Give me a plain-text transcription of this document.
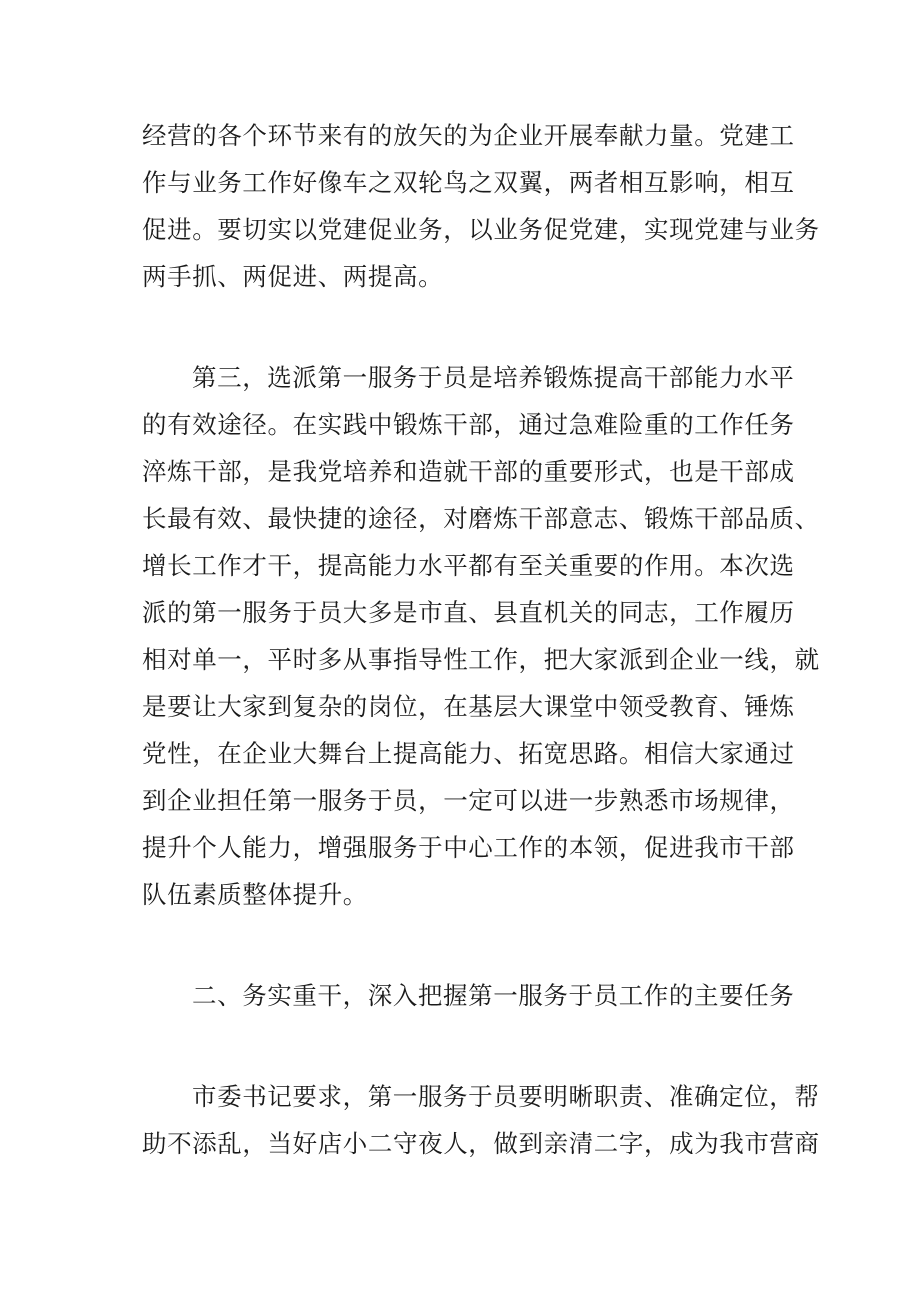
经营的各个环节来有的放矢的为企业开展奉献力量。党建工
作与业务工作好像车之双轮鸟之双翼，两者相互影响，相互
促进。要切实以党建促业务，以业务促党建，实现党建与业务
两手抓、两促进、两提高。
第三，选派第一服务于员是培养锻炼提高干部能力水平
的有效途径。在实践中锻炼干部，通过急难险重的工作任务
淬炼干部，是我党培养和造就干部的重要形式，也是干部成
长最有效、最快捷的途径，对磨炼干部意志、锻炼干部品质、
增长工作才干，提高能力水平都有至关重要的作用。本次选
派的第一服务于员大多是市直、县直机关的同志，工作履历
相对单一，平时多从事指导性工作，把大家派到企业一线，就
是要让大家到复杂的岗位，在基层大课堂中领受教育、锤炼
党性，在企业大舞台上提高能力、拓宽思路。相信大家通过
到企业担任第一服务于员，一定可以进一步熟悉市场规律，
提升个人能力，增强服务于中心工作的本领，促进我市干部
队伍素质整体提升。
二、务实重干，深入把握第一服务于员工作的主要任务
市委书记要求，第一服务于员要明晰职责、准确定位，帮
助不添乱，当好店小二守夜人，做到亲清二字，成为我市营商
